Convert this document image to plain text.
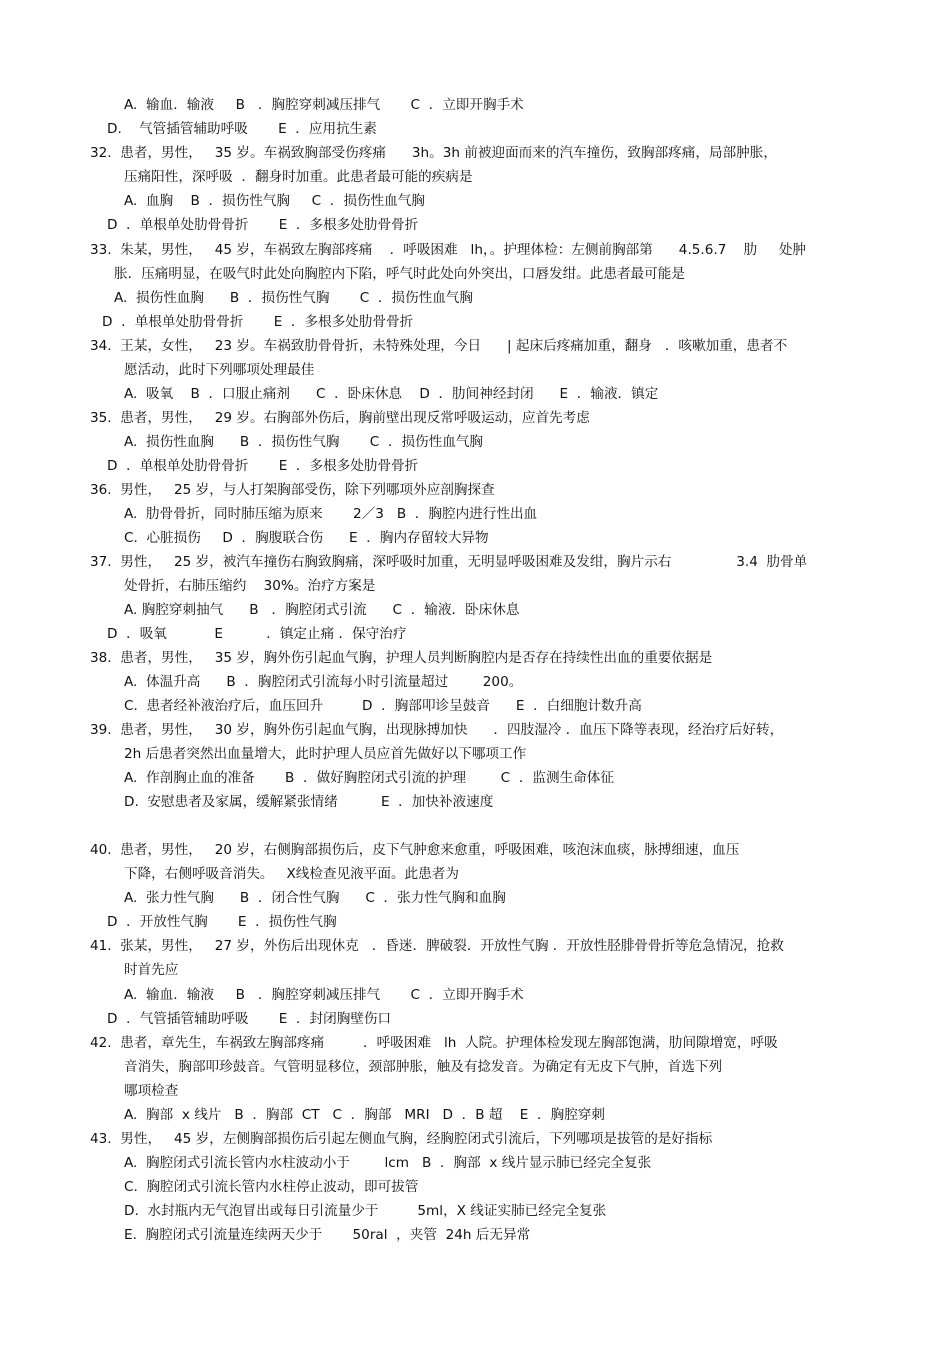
A.  输血．输液     B   ．胸腔穿刺减压排气       C  ．立即开胸手术
D.    气管插管辅助呼吸       E  ．应用抗生素
32.  患者，男性，   35 岁。车祸致胸部受伤疼痛      3h。3h 前被迎面而来的汽车撞伤，致胸部疼痛，局部肿胀，
压痛阳性，深呼吸  ．翻身时加重。此患者最可能的疾病是
A.  血胸    B  ．损伤性气胸     C  ．损伤性血气胸
D  ．单根单处肋骨骨折       E  ．多根多处肋骨骨折
33.  朱某，男性，   45 岁，车祸致左胸部疼痛    ．呼吸困难   lh，。护理体检：左侧前胸部第      4.5.6.7    肋     处肿
胀．压痛明显，在吸气时此处向胸腔内下陷，呼气时此处向外突出，口唇发绀。此患者最可能是
A.  损伤性血胸      B  ．损伤性气胸       C  ．损伤性血气胸
D  ．单根单处肋骨骨折       E  ．多根多处肋骨骨折
34.  王某，女性，   23 岁。车祸致肋骨骨折，未特殊处理，今日      | 起床后疼痛加重，翻身   ．咳嗽加重，患者不
愿活动，此时下列哪项处理最佳
A.  吸氧    B  ．口服止痛剂      C  ．卧床休息    D  ．肋间神经封闭      E  ．输液．镇定
35.  患者，男性，   29 岁。右胸部外伤后，胸前壁出现反常呼吸运动，应首先考虑
A.  损伤性血胸      B  ．损伤性气胸       C  ．损伤性血气胸
D  ．单根单处肋骨骨折       E  ．多根多处肋骨骨折
36.  男性，   25 岁，与人打架胸部受伤，除下列哪项外应剖胸探查
A.  肋骨骨折，同时肺压缩为原来       2／3   B  ．胸腔内进行性出血
C.  心脏损伤     D  ．胸腹联合伤      E  ．胸内存留较大异物
37.  男性，   25 岁，被汽车撞伤右胸致胸痛，深呼吸时加重，无明显呼吸困难及发绀，胸片示右               3.4  肋骨单
处骨折，右肺压缩约    30%。治疗方案是
A. 胸腔穿刺抽气      B   ．胸腔闭式引流      C  ．输液．卧床休息
D  ．吸氧           E          ．镇定止痛 ．保守治疗
38.  患者，男性，   35 岁，胸外伤引起血气胸，护理人员判断胸腔内是否存在持续性出血的重要依据是
A.  体温升高      B  ．胸腔闭式引流每小时引流量超过        200。
C.  患者经补液治疗后，血压回升         D  ．胸部叩诊呈鼓音      E  ．白细胞计数升高
39.  患者，男性，   30 岁，胸外伤引起血气胸，出现脉搏加快      ．四肢湿冷 ．血压下降等表现，经治疗后好转，
2h 后患者突然出血量增大，此时护理人员应首先做好以下哪项工作
A.  作剖胸止血的准备       B  ．做好胸腔闭式引流的护理        C  ．监测生命体征
D.  安慰患者及家属，缓解紧张情绪          E  ．加快补液速度
40.  患者，男性，   20 岁，右侧胸部损伤后，皮下气肿愈来愈重，呼吸困难，咳泡沫血痰，脉搏细速，血压
下降，右侧呼吸音消失。   X线检查见液平面。此患者为
A.  张力性气胸      B  ．闭合性气胸      C  ．张力性气胸和血胸
D  ．开放性气胸       E  ．损伤性气胸
41.  张某，男性，   27 岁，外伤后出现休克   ．昏迷．脾破裂．开放性气胸 ．开放性胫腓骨骨折等危急情况，抢救
时首先应
A.  输血．输液     B   ．胸腔穿刺减压排气       C  ．立即开胸手术
D  ．气管插管辅助呼吸       E  ．封闭胸壁伤口
42.  患者，章先生，车祸致左胸部疼痛         ．呼吸困难   lh  人院。护理体检发现左胸部饱满，肋间隙增宽，呼吸
音消失，胸部叩珍鼓音。气管明显移位，颈部肿胀，触及有捻发音。为确定有无皮下气肿，首选下列
哪项检查
A.  胸部  x 线片   B  ．胸部  CT   C  ．胸部   MRI   D  ．B 超    E  ．胸腔穿刺
43.  男性，   45 岁，左侧胸部损伤后引起左侧血气胸，经胸腔闭式引流后，下列哪项是拔管的是好指标
A.  胸腔闭式引流长管内水柱波动小于        lcm   B  ．胸部  x 线片显示肺已经完全复张
C.  胸腔闭式引流长管内水柱停止波动，即可拔管
D.  水封瓶内无气泡冒出或每日引流量少于         5ml，X 线证实肺已经完全复张
E.  胸腔闭式引流量连续两天少于       50ral  ，夹管  24h 后无异常
